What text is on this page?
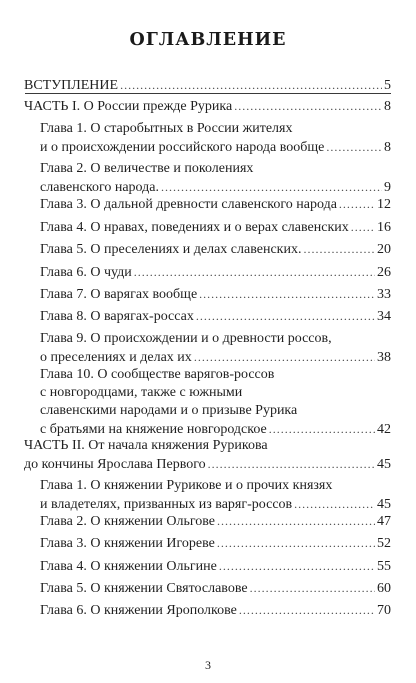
ОГЛАВЛЕНИЕ
ВСТУПЛЕНИЕ .....	5
ЧАСТЬ I. О России прежде Рурика .....	8
Глава 1. О старобытных в России жителях
и о происхождении российского народа вообще .....	8
Глава 2. О величестве и поколениях
славенского народа. .....	9
Глава 3. О дальной древности славенского народа .....	12
Глава 4. О нравах, поведениях и о верах славенских ..... 16
Глава 5. О преселениях и делах славенских. .....	20
Глава 6. О чуди .....	26
Глава 7. О варягах вообще .....	33
Глава 8. О варягах-россах .....	34
Глава 9. О происхождении и о древности россов,
о преселениях и делах их .....	38
Глава 10. О сообществе варягов-россов
с новгородцами, также с южными
славенскими народами и о призыве Рурика
с братьями на княжение новгородское .....	42
ЧАСТЬ II. От начала княжения Рурикова
до кончины Ярослава Первого .....	45
Глава 1. О княжении Рурикове и о прочих князях
и владетелях, призванных из варяг-россов .....	45
Глава 2. О княжении Ольгове .....	47
Глава 3. О княжении Игореве .....	52
Глава 4. О княжении Ольгине .....	55
Глава 5. О княжении Святославове .....	60
Глава 6. О княжении Ярополкове .....	70
3
